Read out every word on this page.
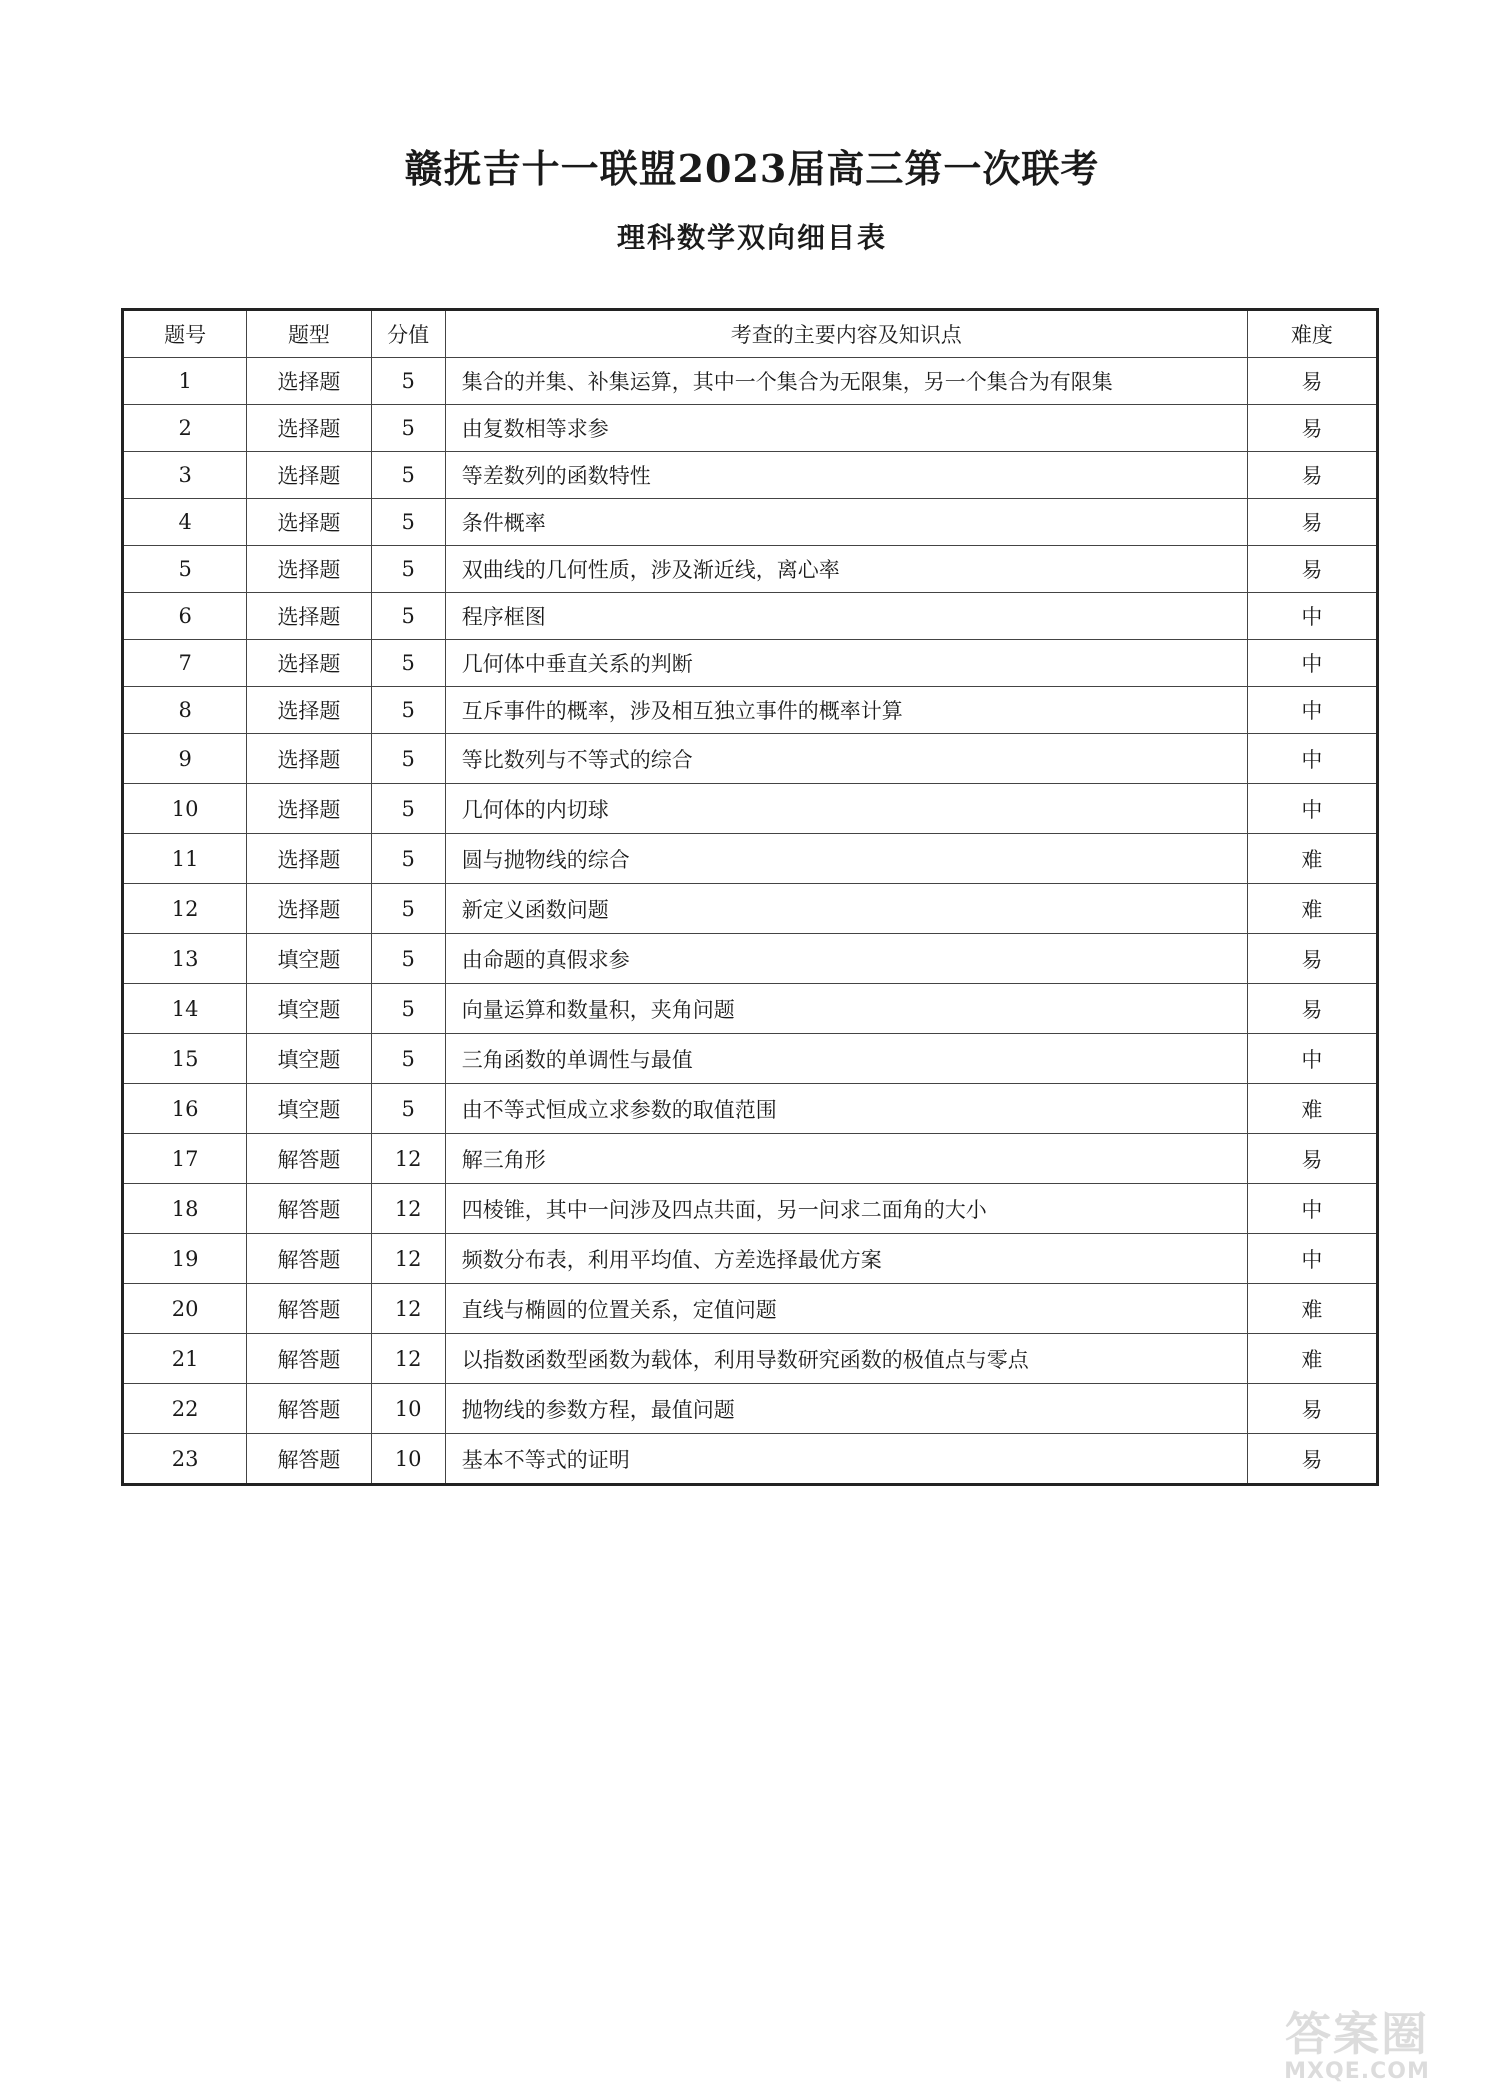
赣抚吉十一联盟2023届高三第一次联考
理科数学双向细目表
题号	题型	分值	考查的主要内容及知识点	难度
1	选择题	5	集合的并集、补集运算，其中一个集合为无限集，另一个集合为有限集	易
2	选择题	5	由复数相等求参	易
3	选择题	5	等差数列的函数特性	易
4	选择题	5	条件概率	易
5	选择题	5	双曲线的几何性质，涉及渐近线，离心率	易
6	选择题	5	程序框图	中
7	选择题	5	几何体中垂直关系的判断	中
8	选择题	5	互斥事件的概率，涉及相互独立事件的概率计算	中
9	选择题	5	等比数列与不等式的综合	中
10	选择题	5	几何体的内切球	中
11	选择题	5	圆与抛物线的综合	难
12	选择题	5	新定义函数问题	难
13	填空题	5	由命题的真假求参	易
14	填空题	5	向量运算和数量积，夹角问题	易
15	填空题	5	三角函数的单调性与最值	中
16	填空题	5	由不等式恒成立求参数的取值范围	难
17	解答题	12	解三角形	易
18	解答题	12	四棱锥，其中一问涉及四点共面，另一问求二面角的大小	中
19	解答题	12	频数分布表，利用平均值、方差选择最优方案	中
20	解答题	12	直线与椭圆的位置关系，定值问题	难
21	解答题	12	以指数函数型函数为载体，利用导数研究函数的极值点与零点	难
22	解答题	10	抛物线的参数方程，最值问题	易
23	解答题	10	基本不等式的证明	易
答案圈
MXQE.COM
